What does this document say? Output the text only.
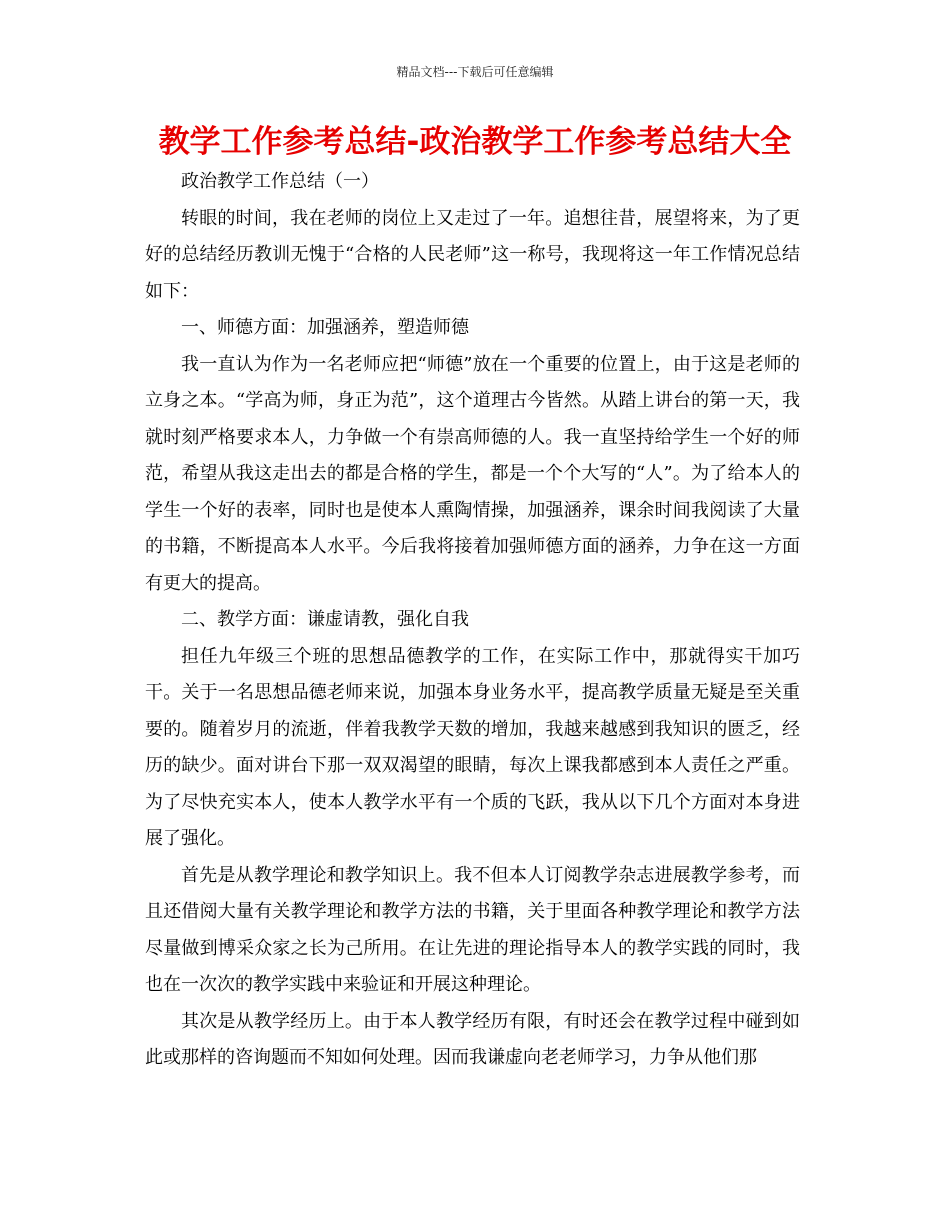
精品文档---下载后可任意编辑
教学工作参考总结-政治教学工作参考总结大全

政治教学工作总结（一）

转眼的时间，我在老师的岗位上又走过了一年。追想往昔，展望将来，为了更好的总结经历教训无愧于“合格的人民老师”这一称号，我现将这一年工作情况总结如下：

一、师德方面：加强涵养，塑造师德

我一直认为作为一名老师应把“师德”放在一个重要的位置上，由于这是老师的立身之本。“学高为师，身正为范”，这个道理古今皆然。从踏上讲台的第一天，我就时刻严格要求本人，力争做一个有崇高师德的人。我一直坚持给学生一个好的师范，希望从我这走出去的都是合格的学生，都是一个个大写的“人”。为了给本人的学生一个好的表率，同时也是使本人熏陶情操，加强涵养，课余时间我阅读了大量的书籍，不断提高本人水平。今后我将接着加强师德方面的涵养，力争在这一方面有更大的提高。

二、教学方面：谦虚请教，强化自我

担任九年级三个班的思想品德教学的工作，在实际工作中，那就得实干加巧干。关于一名思想品德老师来说，加强本身业务水平，提高教学质量无疑是至关重要的。随着岁月的流逝，伴着我教学天数的增加，我越来越感到我知识的匮乏，经历的缺少。面对讲台下那一双双渴望的眼睛，每次上课我都感到本人责任之严重。为了尽快充实本人，使本人教学水平有一个质的飞跃，我从以下几个方面对本身进展了强化。

首先是从教学理论和教学知识上。我不但本人订阅教学杂志进展教学参考，而且还借阅大量有关教学理论和教学方法的书籍，关于里面各种教学理论和教学方法尽量做到博采众家之长为己所用。在让先进的理论指导本人的教学实践的同时，我也在一次次的教学实践中来验证和开展这种理论。

其次是从教学经历上。由于本人教学经历有限，有时还会在教学过程中碰到如此或那样的咨询题而不知如何处理。因而我谦虚向老老师学习，力争从他们那
